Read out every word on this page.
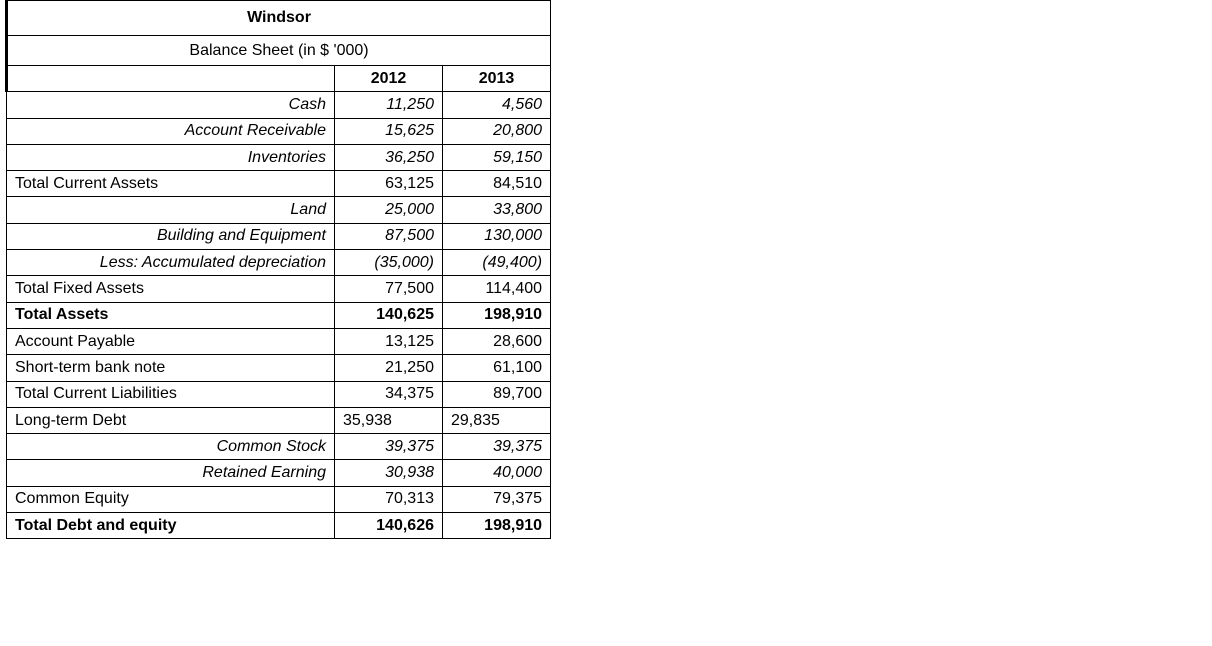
Windsor		
Balance Sheet (in $ '000)		
	2012	2013
Cash	11,250	4,560
Account Receivable	15,625	20,800
Inventories	36,250	59,150
Total Current Assets	63,125	84,510
Land	25,000	33,800
Building and Equipment	87,500	130,000
Less: Accumulated depreciation	(35,000)	(49,400)
Total Fixed Assets	77,500	114,400
Total Assets	140,625	198,910
Account Payable	13,125	28,600
Short-term bank note	21,250	61,100
Total Current Liabilities	34,375	89,700
Long-term Debt	35,938	29,835
Common Stock	39,375	39,375
Retained Earning	30,938	40,000
Common Equity	70,313	79,375
Total Debt and equity	140,626	198,910
